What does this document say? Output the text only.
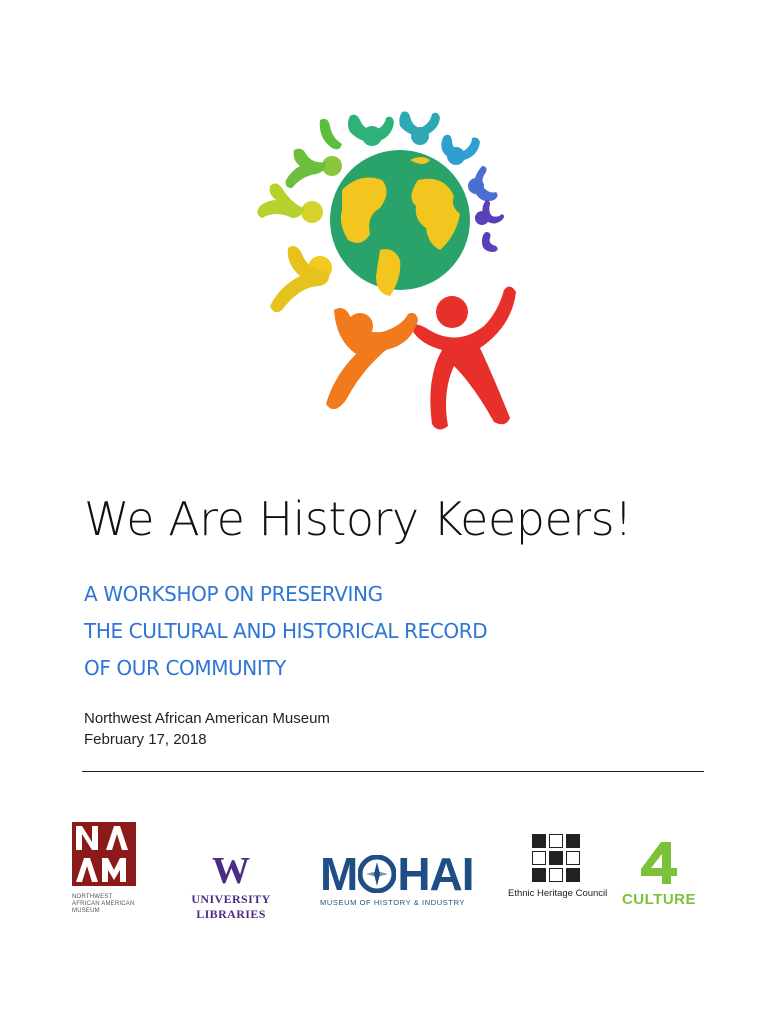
We Are History Keepers!
A WORKSHOP ON PRESERVING
THE CULTURAL AND HISTORICAL RECORD
OF OUR COMMUNITY
Northwest African American Museum
February 17, 2018
NORTHWEST AFRICAN AMERICAN MUSEUM
W
UNIVERSITY LIBRARIES
M HAI
MUSEUM OF HISTORY & INDUSTRY
Ethnic Heritage Council CULTURE
